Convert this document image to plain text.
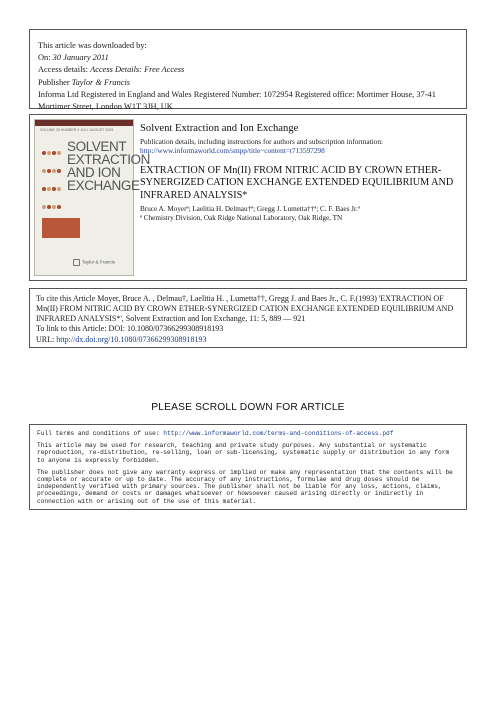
This article was downloaded by:
On: 30 January 2011
Access details: Access Details: Free Access
Publisher Taylor & Francis
Informa Ltd Registered in England and Wales Registered Number: 1072954 Registered office: Mortimer House, 37-41 Mortimer Street, London W1T 3JH, UK
VOLUME 25 NUMBER 4 JULY-AUGUST 2005

SOLVENT
EXTRACTION
AND ION
EXCHANGE
Taylor & Francis
Solvent Extraction and Ion Exchange
Publication details, including instructions for authors and subscription information:
http://www.informaworld.com/smpp/title~content=t713597298
EXTRACTION OF Mn(II) FROM NITRIC ACID BY CROWN ETHER-SYNERGIZED CATION EXCHANGE EXTENDED EQUILIBRIUM AND INFRARED ANALYSIS*
Bruce A. Moyerª; Laelitia H. Delmau†ª; Gregg J. Lumetta††ª; C. F. Baes Jr.ª
ª Chemistry Division, Oak Ridge National Laboratory, Oak Ridge, TN
To cite this Article Moyer, Bruce A. , Delmau†, Laelitia H. , Lumetta††, Gregg J. and Baes Jr., C. F.(1993) 'EXTRACTION OF Mn(II) FROM NITRIC ACID BY CROWN ETHER-SYNERGIZED CATION EXCHANGE EXTENDED EQUILIBRIUM AND INFRARED ANALYSIS*', Solvent Extraction and Ion Exchange, 11: 5, 889 — 921
To link to this Article: DOI: 10.1080/07366299308918193
URL: http://dx.doi.org/10.1080/07366299308918193
PLEASE SCROLL DOWN FOR ARTICLE

Full terms and conditions of use: http://www.informaworld.com/terms-and-conditions-of-access.pdf

This article may be used for research, teaching and private study purposes. Any substantial or systematic reproduction, re-distribution, re-selling, loan or sub-licensing, systematic supply or distribution in any form to anyone is expressly forbidden.

The publisher does not give any warranty express or implied or make any representation that the contents will be complete or accurate or up to date. The accuracy of any instructions, formulae and drug doses should be independently verified with primary sources. The publisher shall not be liable for any loss, actions, claims, proceedings, demand or costs or damages whatsoever or howsoever caused arising directly or indirectly in connection with or arising out of the use of this material.
